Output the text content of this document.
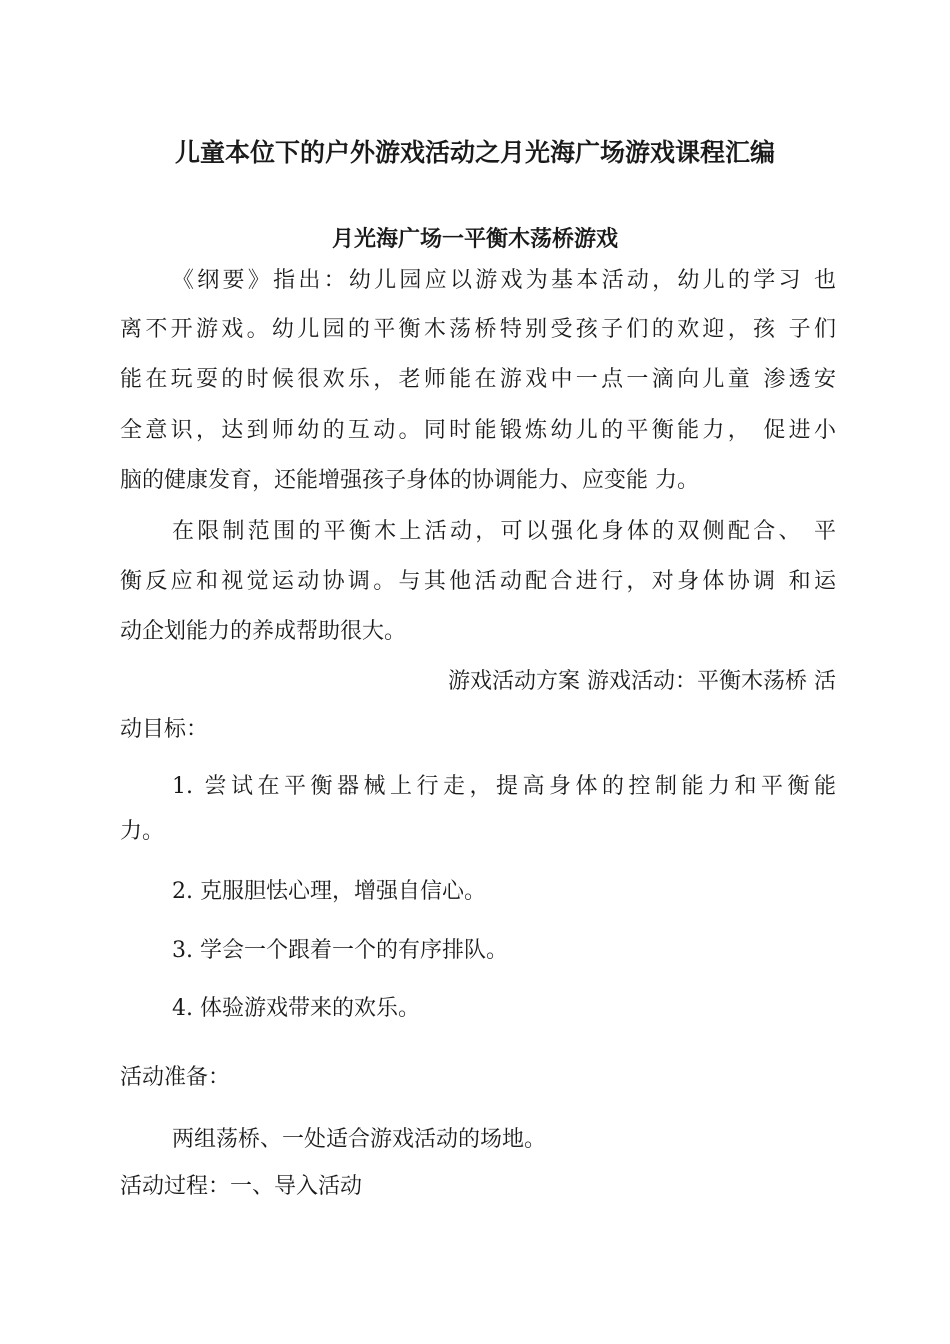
儿童本位下的户外游戏活动之月光海广场游戏课程汇编
月光海广场一平衡木荡桥游戏

《纲要》指出：幼儿园应以游戏为基本活动，幼儿的学习 也

离不开游戏。幼儿园的平衡木荡桥特别受孩子们的欢迎，孩 子们

能在玩耍的时候很欢乐，老师能在游戏中一点一滴向儿童 渗透安

全意识，达到师幼的互动。同时能锻炼幼儿的平衡能力， 促进小

脑的健康发育，还能增强孩子身体的协调能力、应变能 力。

在限制范围的平衡木上活动，可以强化身体的双侧配合、 平

衡反应和视觉运动协调。与其他活动配合进行，对身体协调 和运

动企划能力的养成帮助很大。

游戏活动方案 游戏活动：平衡木荡桥 活

动目标：

1. 尝试在平衡器械上行走，提高身体的控制能力和平衡能

力。

2. 克服胆怯心理，增强自信心。

3. 学会一个跟着一个的有序排队。

4. 体验游戏带来的欢乐。

活动准备：

两组荡桥、一处适合游戏活动的场地。

活动过程：一、导入活动
